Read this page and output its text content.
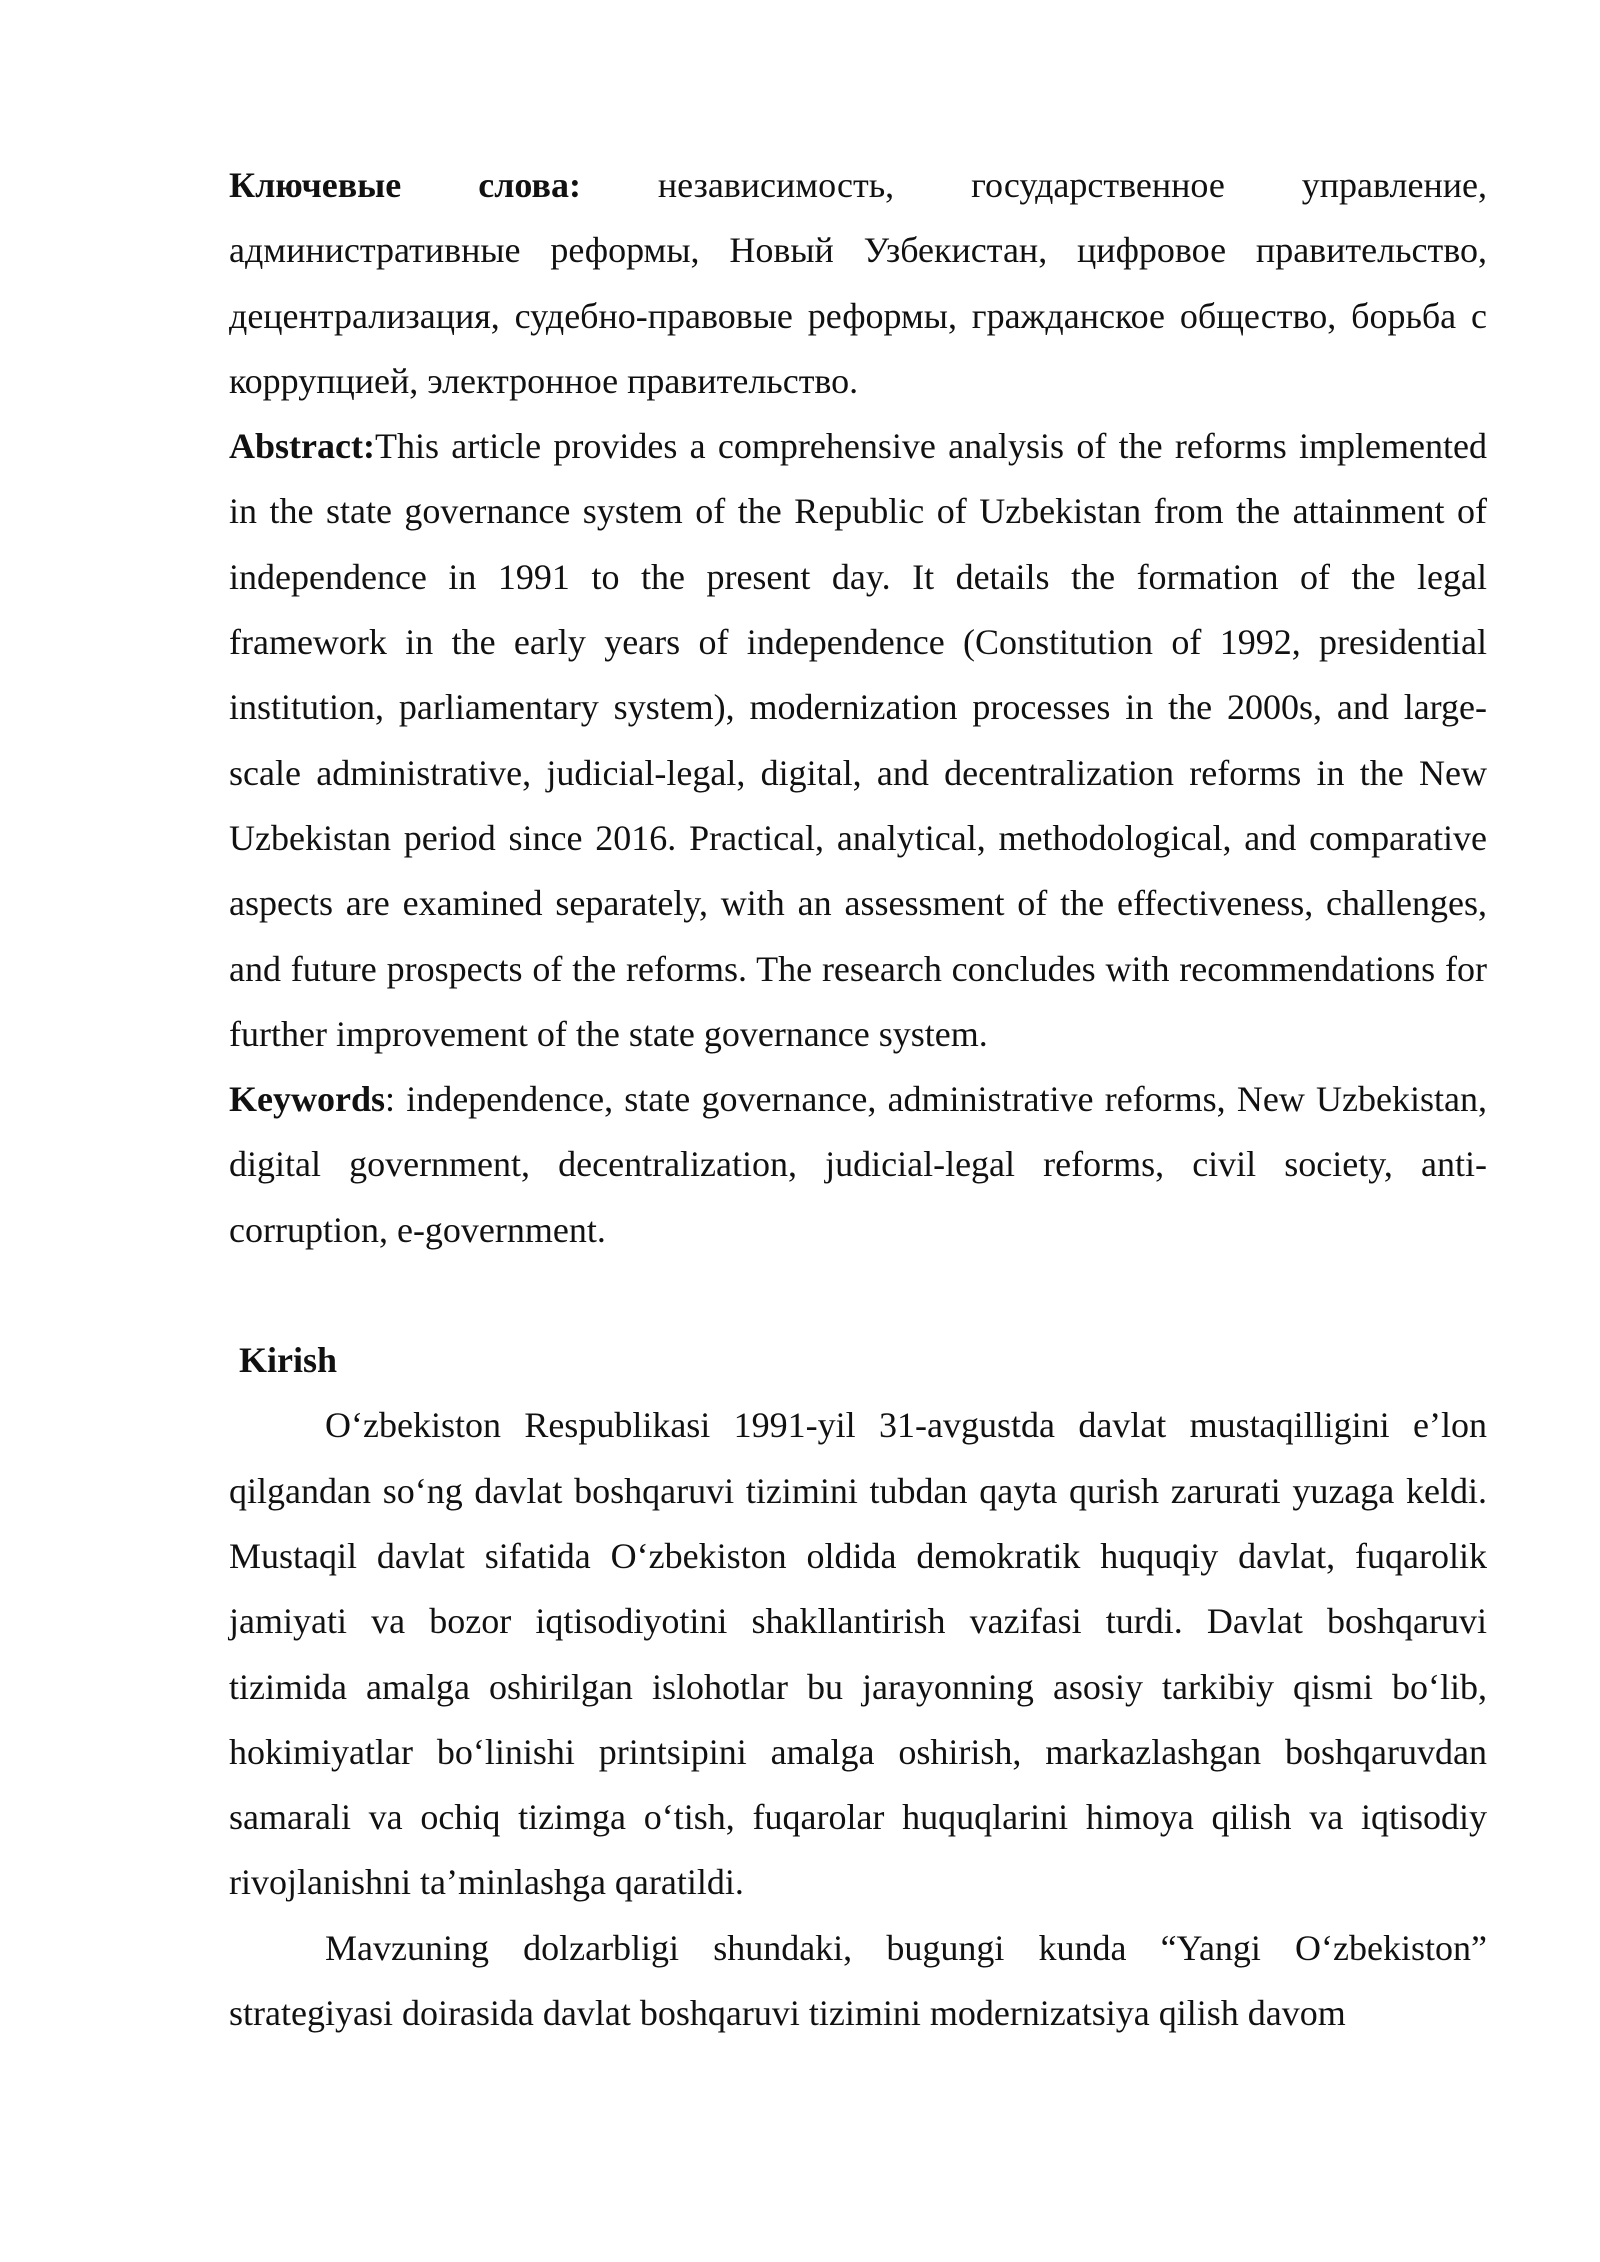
Ключевые слова: независимость, государственное управление, административные реформы, Новый Узбекистан, цифровое правительство, децентрализация, судебно-правовые реформы, гражданское общество, борьба с коррупцией, электронное правительство.

Abstract:This article provides a comprehensive analysis of the reforms implemented in the state governance system of the Republic of Uzbekistan from the attainment of independence in 1991 to the present day. It details the formation of the legal framework in the early years of independence (Constitution of 1992, presidential institution, parliamentary system), modernization processes in the 2000s, and large-scale administrative, judicial-legal, digital, and decentralization reforms in the New Uzbekistan period since 2016. Practical, analytical, methodological, and comparative aspects are examined separately, with an assessment of the effectiveness, challenges, and future prospects of the reforms. The research concludes with recommendations for further improvement of the state governance system.

Keywords: independence, state governance, administrative reforms, New Uzbekistan, digital government, decentralization, judicial-legal reforms, civil society, anti-corruption, e-government.

Kirish

O‘zbekiston Respublikasi 1991-yil 31-avgustda davlat mustaqilligini e’lon qilgandan so‘ng davlat boshqaruvi tizimini tubdan qayta qurish zarurati yuzaga keldi. Mustaqil davlat sifatida O‘zbekiston oldida demokratik huquqiy davlat, fuqarolik jamiyati va bozor iqtisodiyotini shakllantirish vazifasi turdi. Davlat boshqaruvi tizimida amalga oshirilgan islohotlar bu jarayonning asosiy tarkibiy qismi bo‘lib, hokimiyatlar bo‘linishi printsipini amalga oshirish, markazlashgan boshqaruvdan samarali va ochiq tizimga o‘tish, fuqarolar huquqlarini himoya qilish va iqtisodiy rivojlanishni ta’minlashga qaratildi.

Mavzuning dolzarbligi shundaki, bugungi kunda “Yangi O‘zbekiston” strategiyasi doirasida davlat boshqaruvi tizimini modernizatsiya qilish davom
